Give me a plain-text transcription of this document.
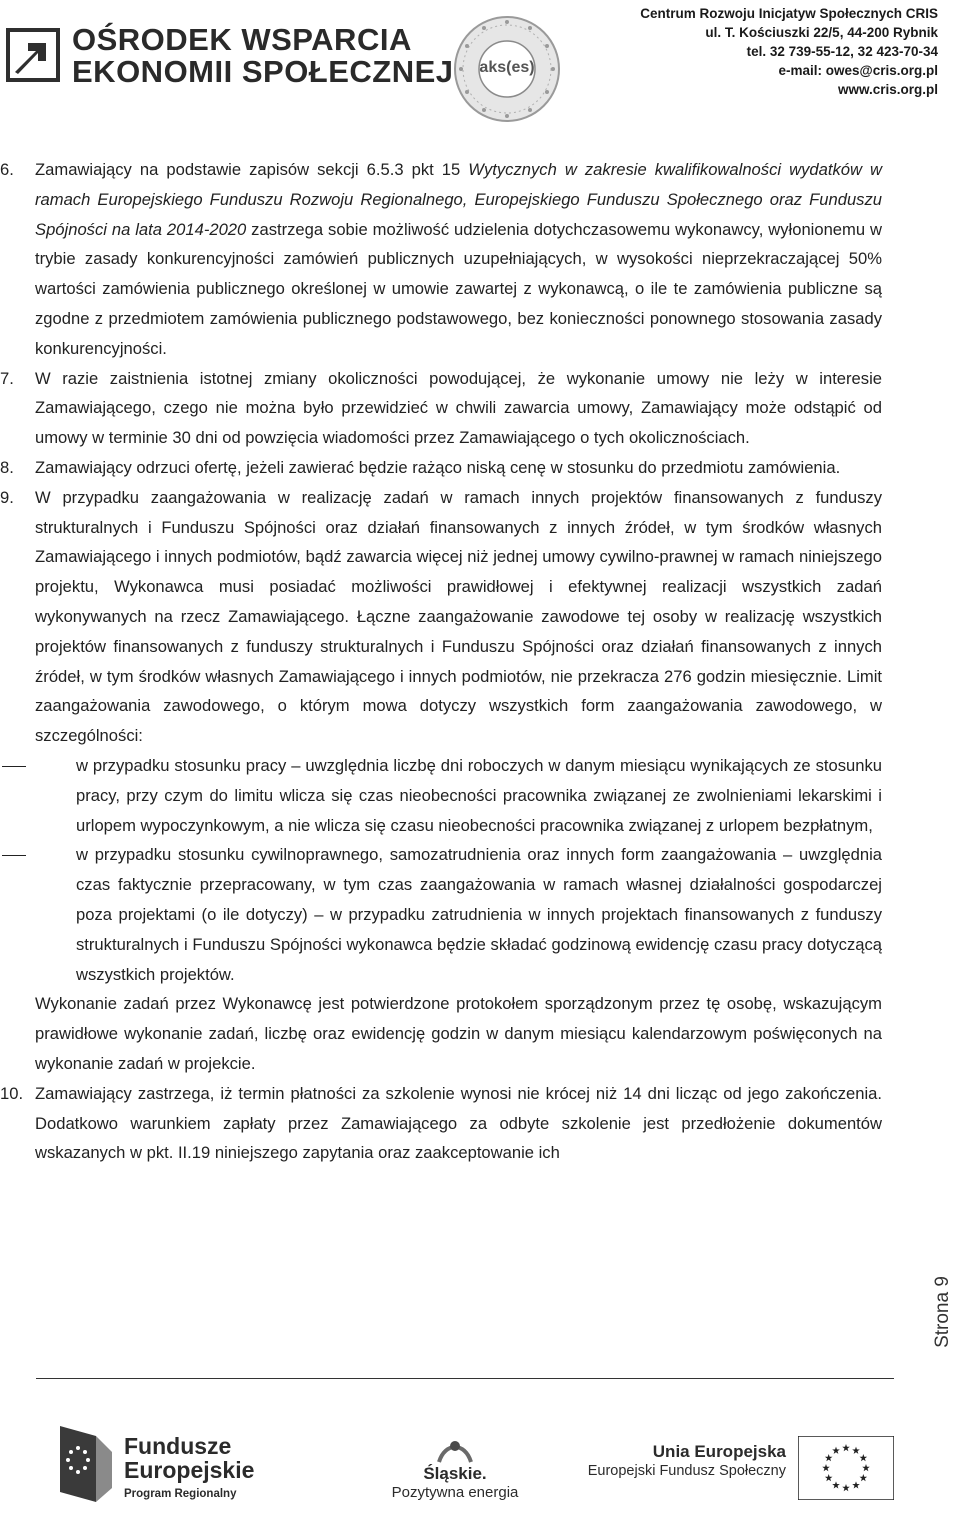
OŚRODEK WSPARCIA
EKONOMII SPOŁECZNEJ	aks(es)
Centrum Rozwoju Inicjatyw Społecznych CRIS
ul. T. Kościuszki 22/5, 44-200 Rybnik
tel. 32 739-55-12, 32 423-70-34
e-mail: owes@cris.org.pl
www.cris.org.pl
6. Zamawiający na podstawie zapisów sekcji 6.5.3 pkt 15 Wytycznych w zakresie kwalifikowalności wydatków w ramach Europejskiego Funduszu Rozwoju Regionalnego, Europejskiego Funduszu Społecznego oraz Funduszu Spójności na lata 2014-2020 zastrzega sobie możliwość udzielenia dotychczasowemu wykonawcy, wyłonionemu w trybie zasady konkurencyjności zamówień publicznych uzupełniających, w wysokości nieprzekraczającej 50% wartości zamówienia publicznego określonej w umowie zawartej z wykonawcą, o ile te zamówienia publiczne są zgodne z przedmiotem zamówienia publicznego podstawowego, bez konieczności ponownego stosowania zasady konkurencyjności.

7. W razie zaistnienia istotnej zmiany okoliczności powodującej, że wykonanie umowy nie leży w interesie Zamawiającego, czego nie można było przewidzieć w chwili zawarcia umowy, Zamawiający może odstąpić od umowy w terminie 30 dni od powzięcia wiadomości przez Zamawiającego o tych okolicznościach.

8. Zamawiający odrzuci ofertę, jeżeli zawierać będzie rażąco niską cenę w stosunku do przedmiotu zamówienia.

9. W przypadku zaangażowania w realizację zadań w ramach innych projektów finansowanych z funduszy strukturalnych i Funduszu Spójności oraz działań finansowanych z innych źródeł, w tym środków własnych Zamawiającego i innych podmiotów, bądź zawarcia więcej niż jednej umowy cywilno-prawnej w ramach niniejszego projektu, Wykonawca musi posiadać możliwości prawidłowej i efektywnej realizacji wszystkich zadań wykonywanych na rzecz Zamawiającego. Łączne zaangażowanie zawodowe tej osoby w realizację wszystkich projektów finansowanych z funduszy strukturalnych i Funduszu Spójności oraz działań finansowanych z innych źródeł, w tym środków własnych Zamawiającego i innych podmiotów, nie przekracza 276 godzin miesięcznie. Limit zaangażowania zawodowego, o którym mowa dotyczy wszystkich form zaangażowania zawodowego, w szczególności:

w przypadku stosunku pracy – uwzględnia liczbę dni roboczych w danym miesiącu wynikających ze stosunku pracy, przy czym do limitu wlicza się czas nieobecności pracownika związanej ze zwolnieniami lekarskimi i urlopem wypoczynkowym, a nie wlicza się czasu nieobecności pracownika związanej z urlopem bezpłatnym,

w przypadku stosunku cywilnoprawnego, samozatrudnienia oraz innych form zaangażowania – uwzględnia czas faktycznie przepracowany, w tym czas zaangażowania w ramach własnej działalności gospodarczej poza projektami (o ile dotyczy) – w przypadku zatrudnienia w innych projektach finansowanych z funduszy strukturalnych i Funduszu Spójności wykonawca będzie składać godzinową ewidencję czasu pracy dotyczącą wszystkich projektów.

Wykonanie zadań przez Wykonawcę jest potwierdzone protokołem sporządzonym przez tę osobę, wskazującym prawidłowe wykonanie zadań, liczbę oraz ewidencję godzin w danym miesiącu kalendarzowym poświęconych na wykonanie zadań w projekcie.

10. Zamawiający zastrzega, iż termin płatności za szkolenie wynosi nie krócej niż 14 dni licząc od jego zakończenia. Dodatkowo warunkiem zapłaty przez Zamawiającego za odbyte szkolenie jest przedłożenie dokumentów wskazanych w pkt. II.19 niniejszego zapytania oraz zaakceptowanie ich

Strona 9
Fundusze
Europejskie
Program Regionalny
Śląskie.
Pozytywna energia
Unia Europejska
Europejski Fundusz Społeczny
